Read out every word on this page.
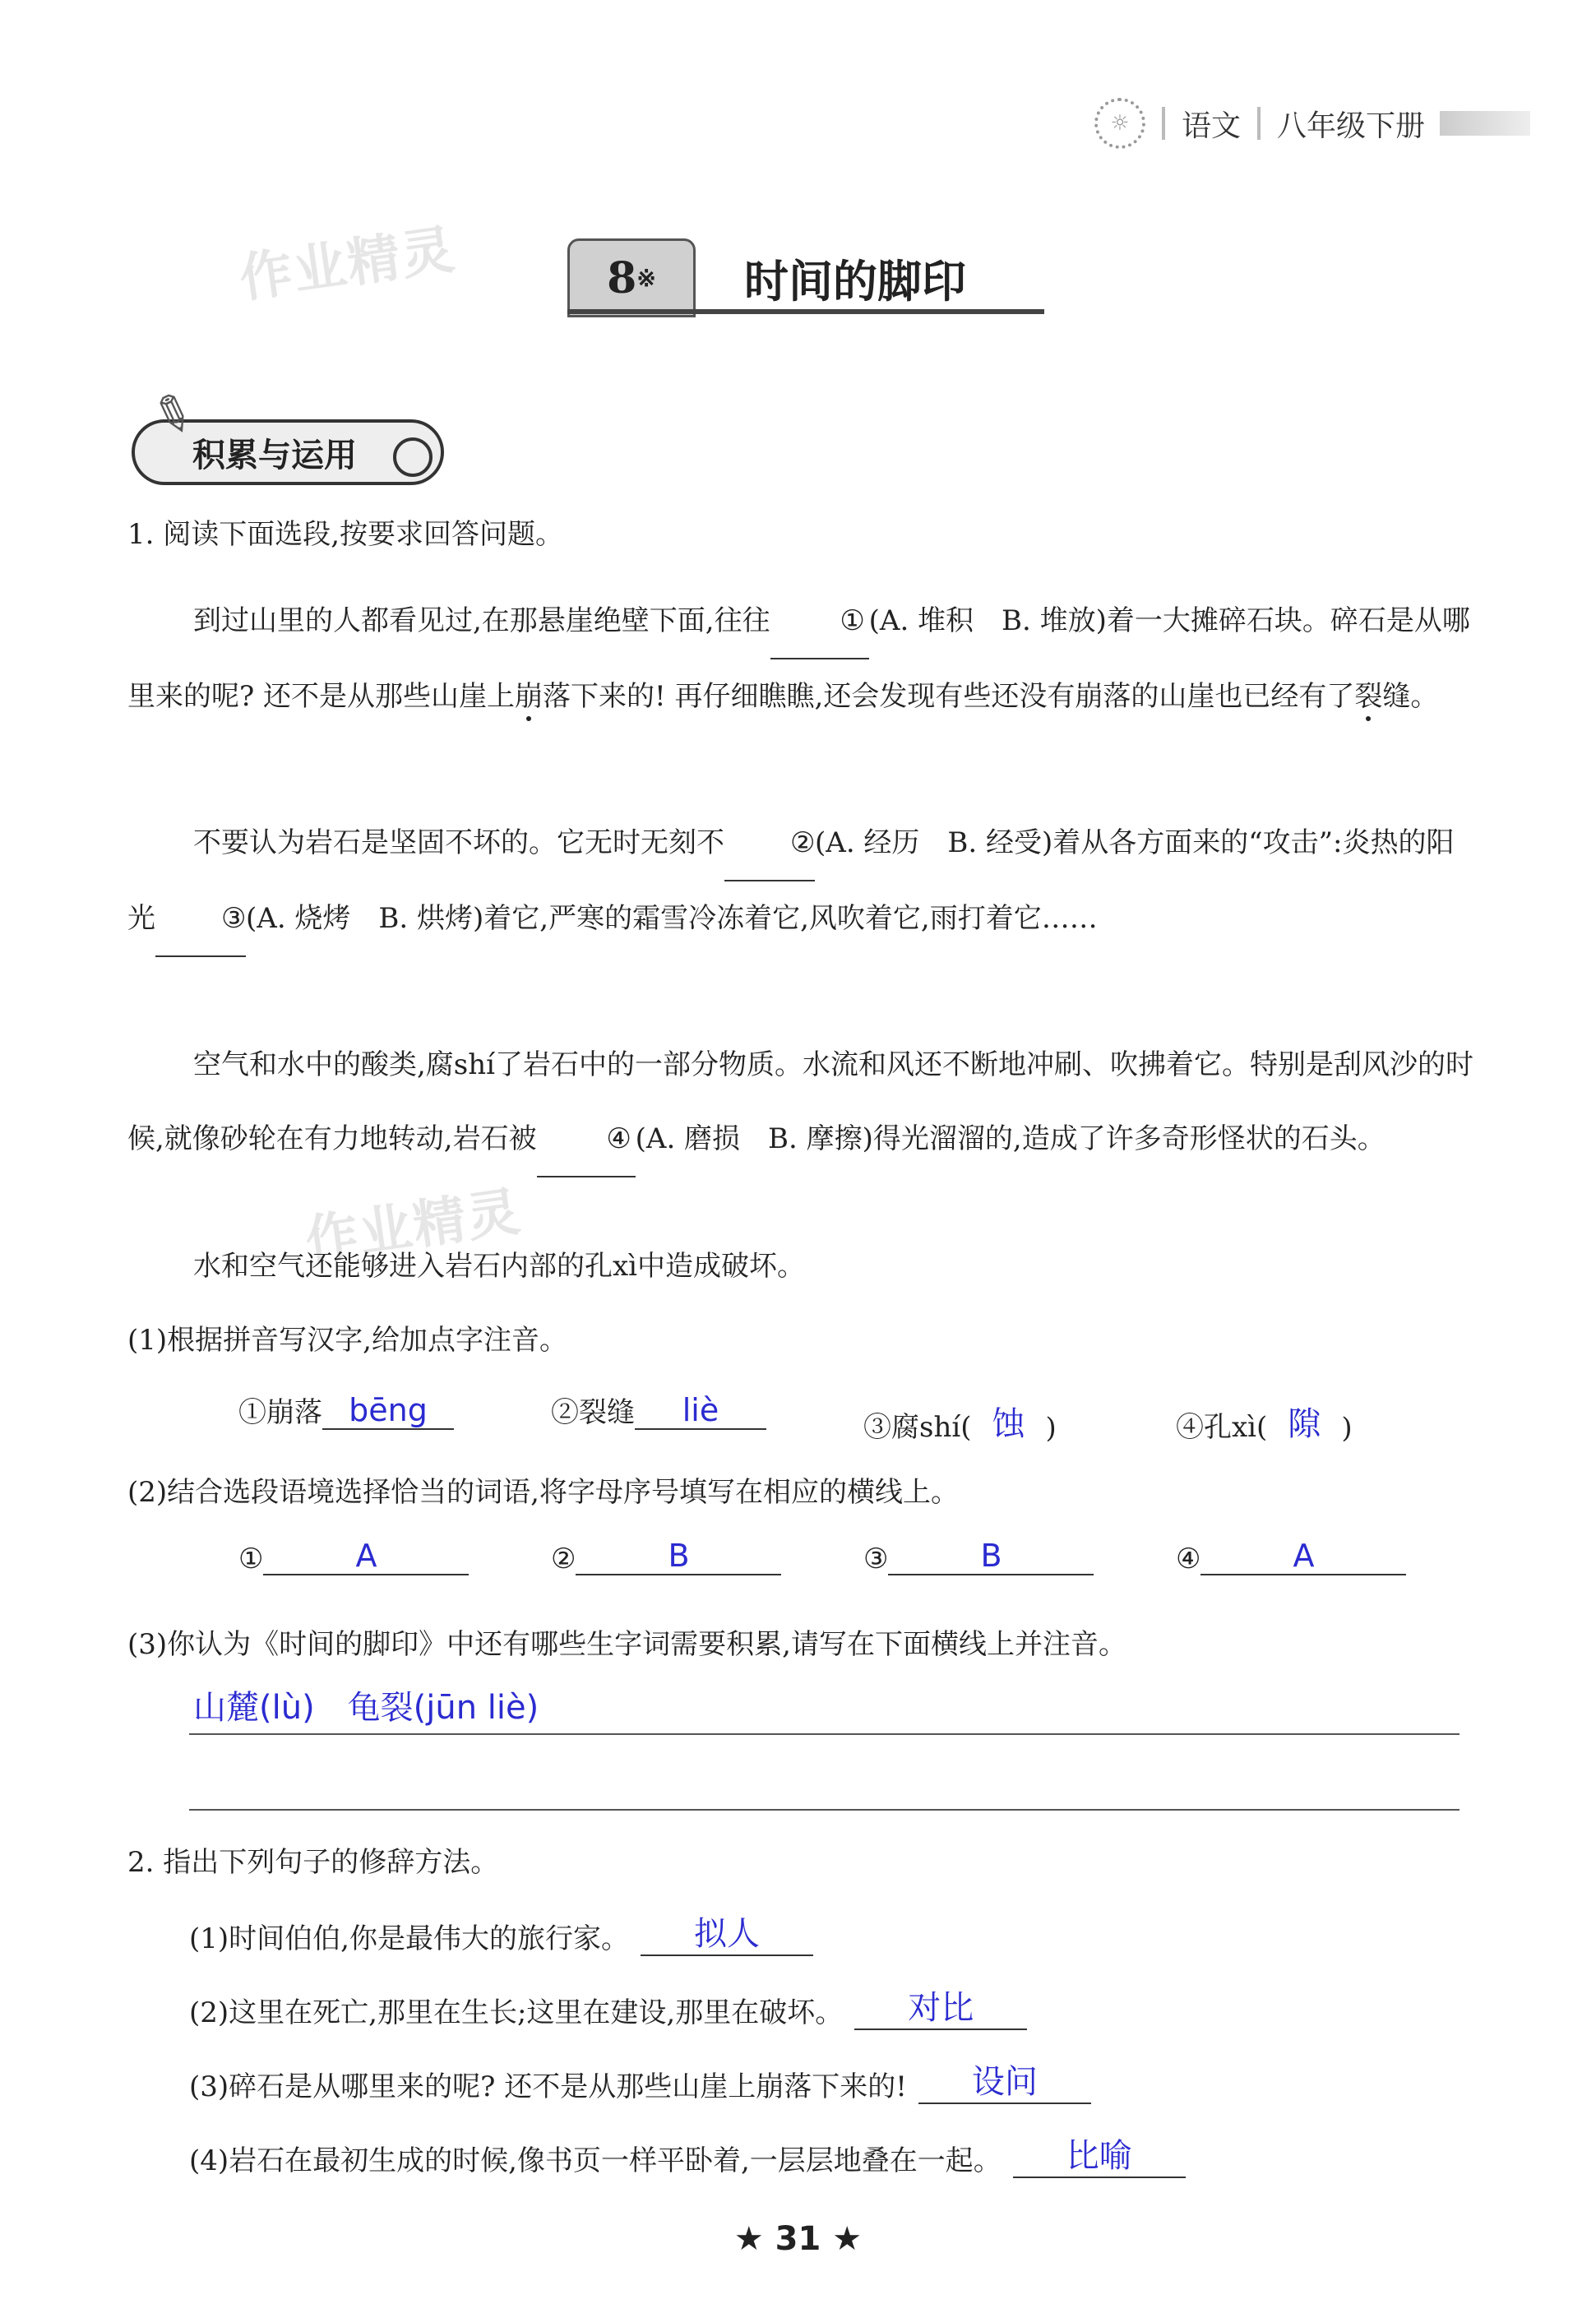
☼	语文 八年级下册
作业精灵
作业精灵
8 ※ 时间的脚印
积累与运用
✎
1. 阅读下面选段,按要求回答问题。
到过山里的人都看见过,在那悬崖绝壁下面,往往 ① (A. 堆积　B. 堆放)着一大摊碎石块。碎石是从哪里来的呢? 还不是从那些山崖上崩落下来的! 再仔细瞧瞧,还会发现有些还没有崩落的山崖也已经有了裂缝。
不要认为岩石是坚固不坏的。它无时无刻不 ②(A. 经历　B. 经受)着从各方面来的“攻击”:炎热的阳光 ③(A. 烧烤　B. 烘烤)着它,严寒的霜雪冷冻着它,风吹着它,雨打着它……
空气和水中的酸类,腐shí了岩石中的一部分物质。水流和风还不断地冲刷、吹拂着它。特别是刮风沙的时候,就像砂轮在有力地转动,岩石被 ④ (A. 磨损　B. 摩擦)得光溜溜的,造成了许多奇形怪状的石头。
水和空气还能够进入岩石内部的孔xì中造成破坏。
(1)根据拼音写汉字,给加点字注音。
①崩落 bēng	②裂缝	liè	③腐shí( 蚀 )	④孔xì( 隙 )
(2)结合选段语境选择恰当的词语,将字母序号填写在相应的横线上。
①	A	②	B	③	B	④	A
(3)你认为《时间的脚印》中还有哪些生字词需要积累,请写在下面横线上并注音。
山麓(lù)　龟裂(jūn liè)
2. 指出下列句子的修辞方法。
(1)时间伯伯,你是最伟大的旅行家。	拟人
(2)这里在死亡,那里在生长;这里在建设,那里在破坏。	对比
(3)碎石是从哪里来的呢? 还不是从那些山崖上崩落下来的!	设问
(4)岩石在最初生成的时候,像书页一样平卧着,一层层地叠在一起。	比喻
★ 31 ★
